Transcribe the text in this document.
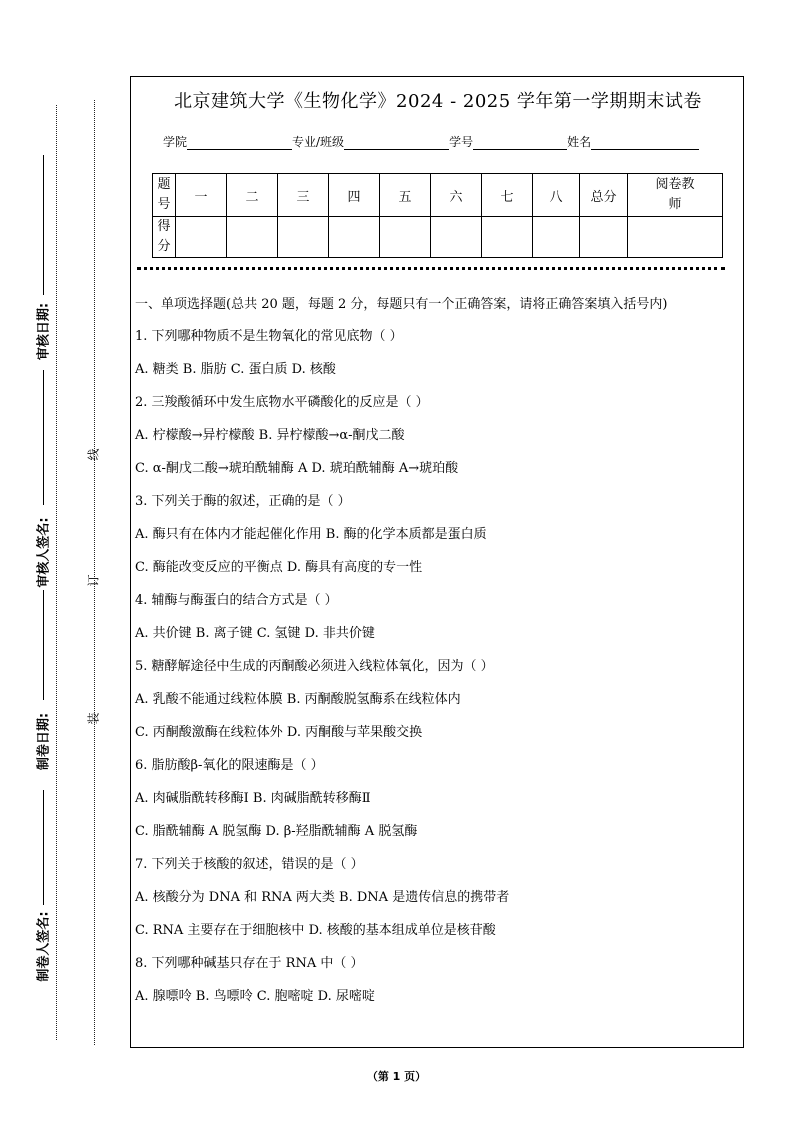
审核日期:
审核人签名:
制卷日期:
制卷人签名:
线
订
装
北京建筑大学《生物化学》2024 - 2025 学年第一学期期末试卷
学院	专业/班级	学号	姓名
题号	一	二	三	四	五	六	七	八	总分	阅卷教师
得分										
一、单项选择题(总共 20 题，每题 2 分，每题只有一个正确答案，请将正确答案填入括号内)
1. 下列哪种物质不是生物氧化的常见底物（ ）
A. 糖类 B. 脂肪 C. 蛋白质 D. 核酸
2. 三羧酸循环中发生底物水平磷酸化的反应是（ ）
A. 柠檬酸→异柠檬酸 B. 异柠檬酸→α-酮戊二酸
C. α-酮戊二酸→琥珀酰辅酶 A D. 琥珀酰辅酶 A→琥珀酸
3. 下列关于酶的叙述，正确的是（ ）
A. 酶只有在体内才能起催化作用 B. 酶的化学本质都是蛋白质
C. 酶能改变反应的平衡点 D. 酶具有高度的专一性
4. 辅酶与酶蛋白的结合方式是（ ）
A. 共价键 B. 离子键 C. 氢键 D. 非共价键
5. 糖酵解途径中生成的丙酮酸必须进入线粒体氧化，因为（ ）
A. 乳酸不能通过线粒体膜 B. 丙酮酸脱氢酶系在线粒体内
C. 丙酮酸激酶在线粒体外 D. 丙酮酸与苹果酸交换
6. 脂肪酸β-氧化的限速酶是（ ）
A. 肉碱脂酰转移酶Ⅰ B. 肉碱脂酰转移酶Ⅱ
C. 脂酰辅酶 A 脱氢酶 D. β-羟脂酰辅酶 A 脱氢酶
7. 下列关于核酸的叙述，错误的是（ ）
A. 核酸分为 DNA 和 RNA 两大类 B. DNA 是遗传信息的携带者
C. RNA 主要存在于细胞核中 D. 核酸的基本组成单位是核苷酸
8. 下列哪种碱基只存在于 RNA 中（ ）
A. 腺嘌呤 B. 鸟嘌呤 C. 胞嘧啶 D. 尿嘧啶
（第 1 页）
